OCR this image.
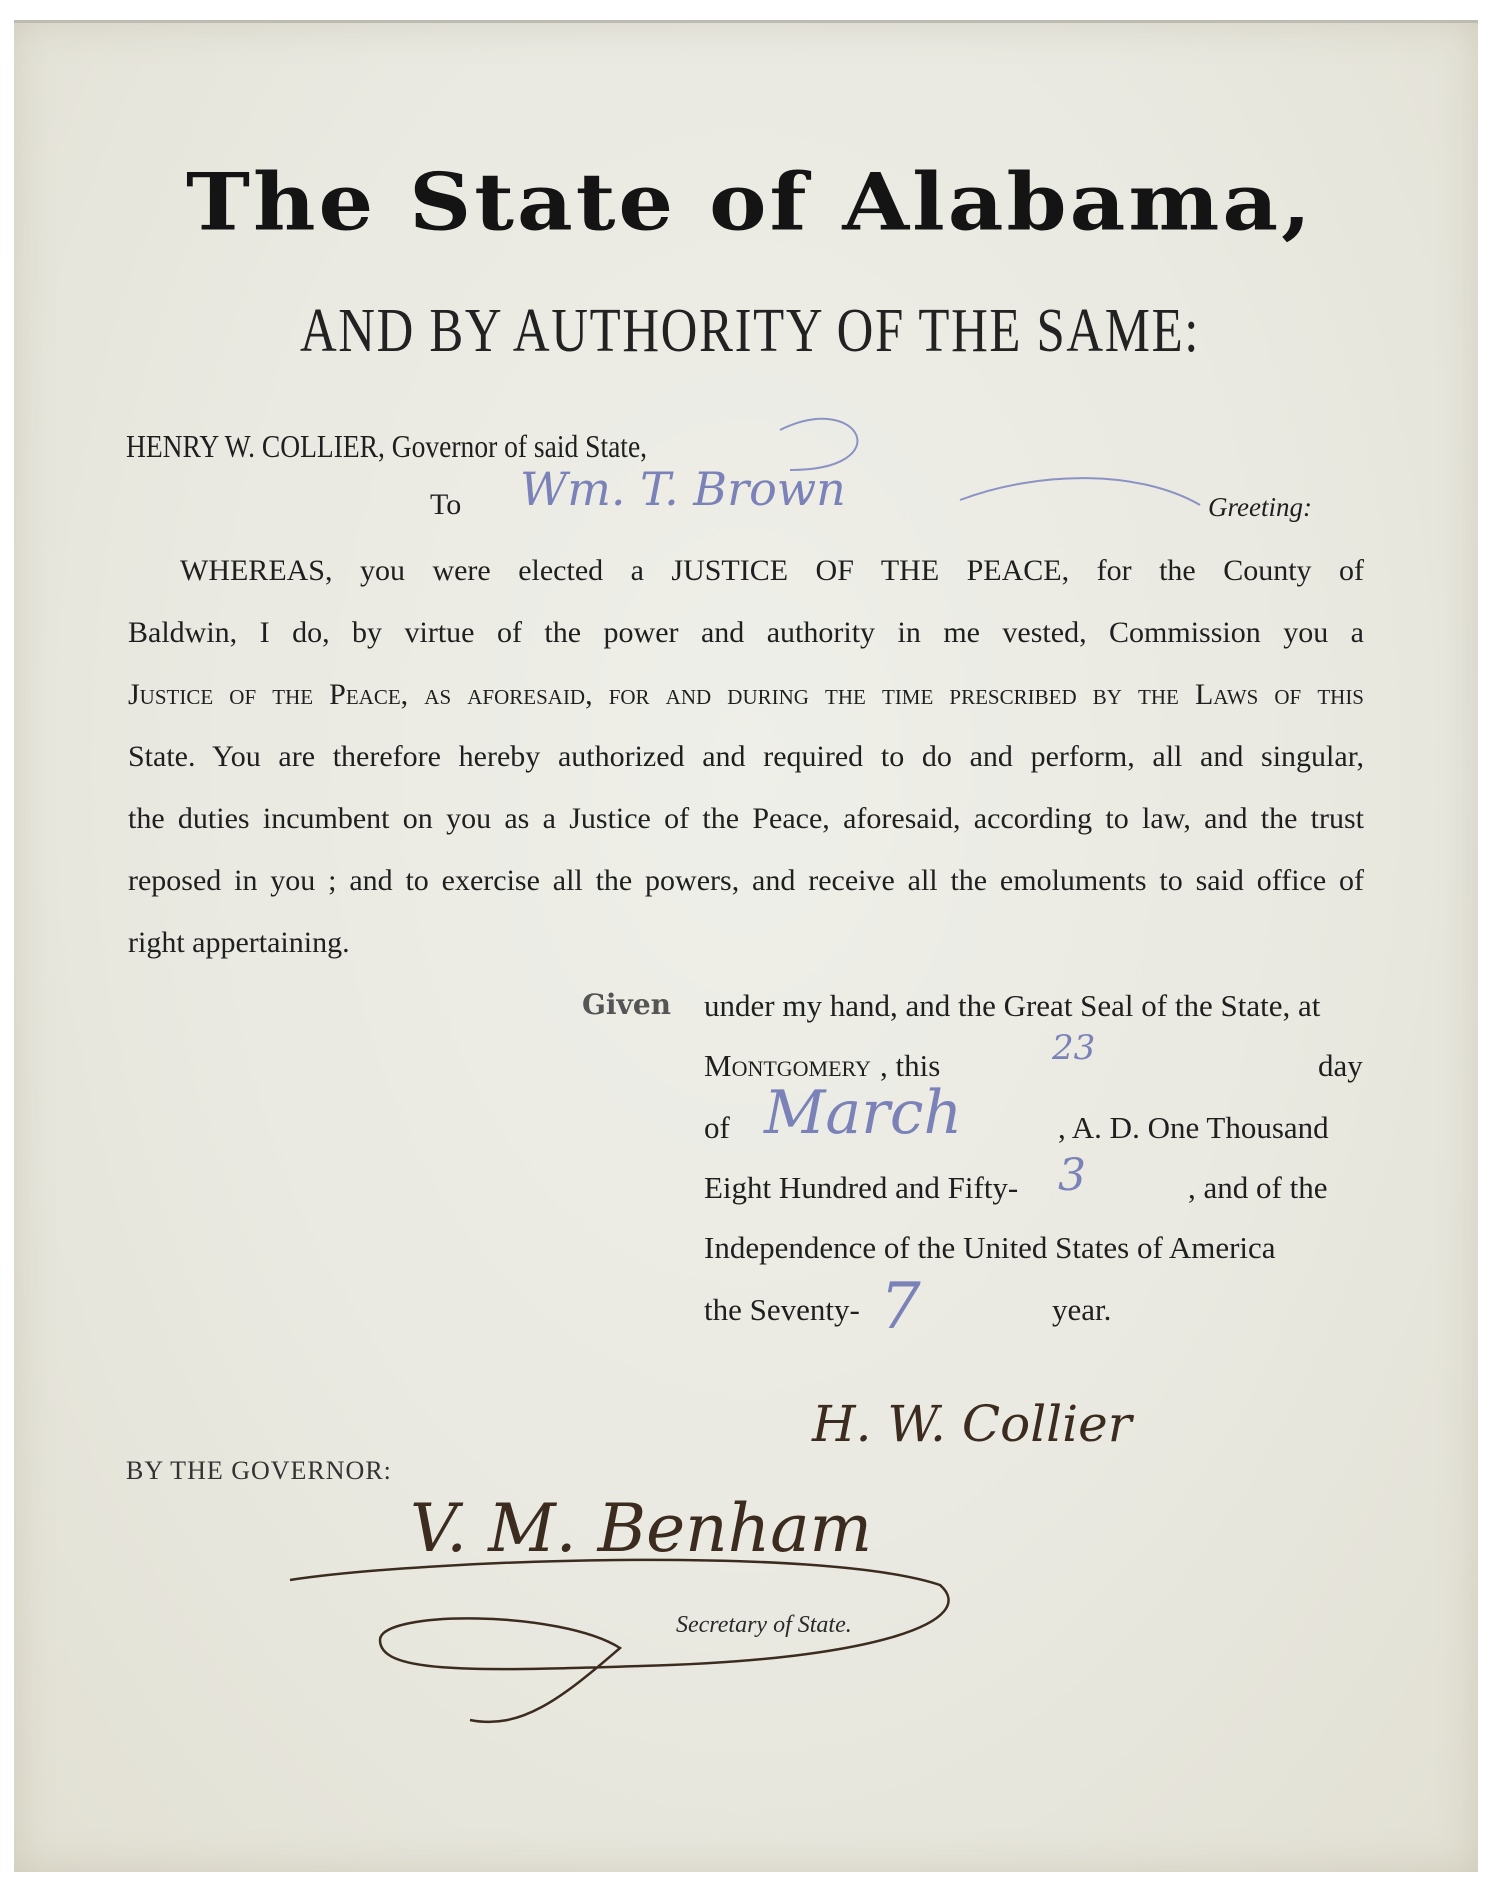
The State of Alabama,
AND BY AUTHORITY OF THE SAME:
HENRY W. COLLIER, Governor of said State,
To Wm. T. Brown	Greeting:
WHEREAS, you were elected a JUSTICE OF THE PEACE, for the County of
Baldwin, I do, by virtue of the power and authority in me vested, Commission you a
Justice of the Peace, as aforesaid, for and during the time prescribed by the Laws of this
State. You are therefore hereby authorized and required to do and perform, all and singular,
the duties incumbent on you as a Justice of the Peace, aforesaid, according to law, and the trust
reposed in you ; and to exercise all the powers, and receive all the emoluments to said office of
right appertaining.
Given under my hand, and the Great Seal of the State, at
Montgomery , this	23	day
of March	, A. D. One Thousand
Eight Hundred and Fifty- 3	, and of the
Independence of the United States of America
the Seventy- 7	year.
H. W. Collier
BY THE GOVERNOR:
V. M. Benham
Secretary of State.
